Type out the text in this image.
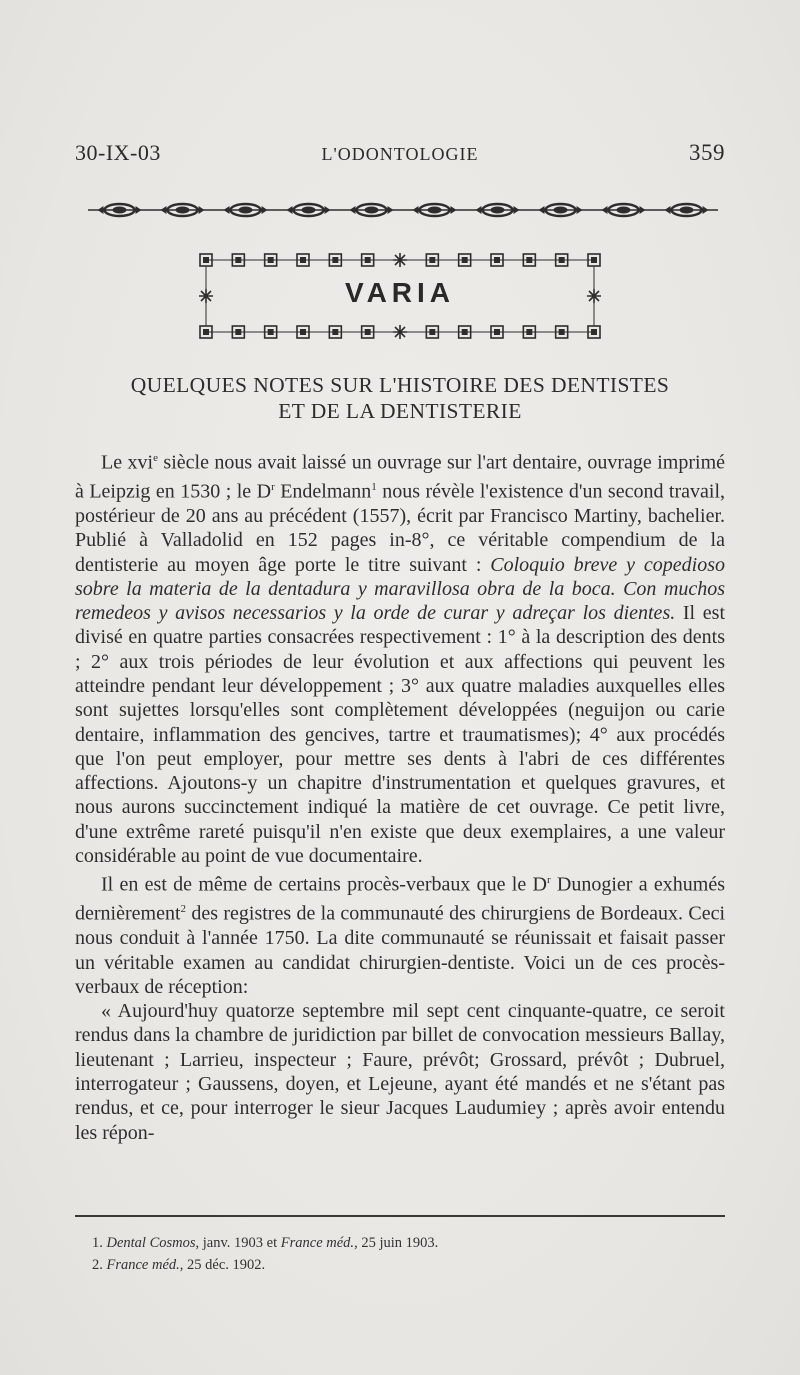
30-IX-03	L'ODONTOLOGIE	359
VARIA
QUELQUES NOTES SUR L'HISTOIRE DES DENTISTES
ET DE LA DENTISTERIE

Le xvi$^e$ siècle nous avait laissé un ouvrage sur l'art dentaire, ouvrage imprimé à Leipzig en 1530 ; le $D^r$ Endelmann$^1$ nous révèle l'existence d'un second travail, postérieur de 20 ans au précédent (1557), écrit par Francisco Martiny, bachelier. Publié à Valladolid en 152 pages in-8°, ce véritable compendium de la dentisterie au moyen âge porte le titre suivant : Coloquio breve y copedioso sobre la materia de la dentadura y maravillosa obra de la boca. Con muchos remedeos y avisos necessarios y la orde de curar y adreçar los dientes. Il est divisé en quatre parties consacrées respectivement : 1° à la description des dents ; 2° aux trois périodes de leur évolution et aux affections qui peuvent les atteindre pendant leur développement ; 3° aux quatre maladies auxquelles elles sont sujettes lorsqu'elles sont complètement développées (neguijon ou carie dentaire, inflammation des gencives, tartre et traumatismes); 4° aux procédés que l'on peut employer, pour mettre ses dents à l'abri de ces différentes affections. Ajoutons-y un chapitre d'instrumentation et quelques gravures, et nous aurons succinctement indiqué la matière de cet ouvrage. Ce petit livre, d'une extrême rareté puisqu'il n'en existe que deux exemplaires, a une valeur considérable au point de vue documentaire.

Il en est de même de certains procès-verbaux que le $D^r$ Dunogier a exhumés dernièrement$^2$ des registres de la communauté des chirurgiens de Bordeaux. Ceci nous conduit à l'année 1750. La dite communauté se réunissait et faisait passer un véritable examen au candidat chirurgien-dentiste. Voici un de ces procès-verbaux de réception:

« Aujourd'huy quatorze septembre mil sept cent cinquante-quatre, ce seroit rendus dans la chambre de juridiction par billet de convocation messieurs Ballay, lieutenant ; Larrieu, inspecteur ; Faure, prévôt; Grossard, prévôt ; Dubruel, interrogateur ; Gaussens, doyen, et Lejeune, ayant été mandés et ne s'étant pas rendus, et ce, pour interroger le sieur Jacques Laudumiey ; après avoir entendu les répon-

1. Dental Cosmos, janv. 1903 et France méd., 25 juin 1903.
2. France méd., 25 déc. 1902.
